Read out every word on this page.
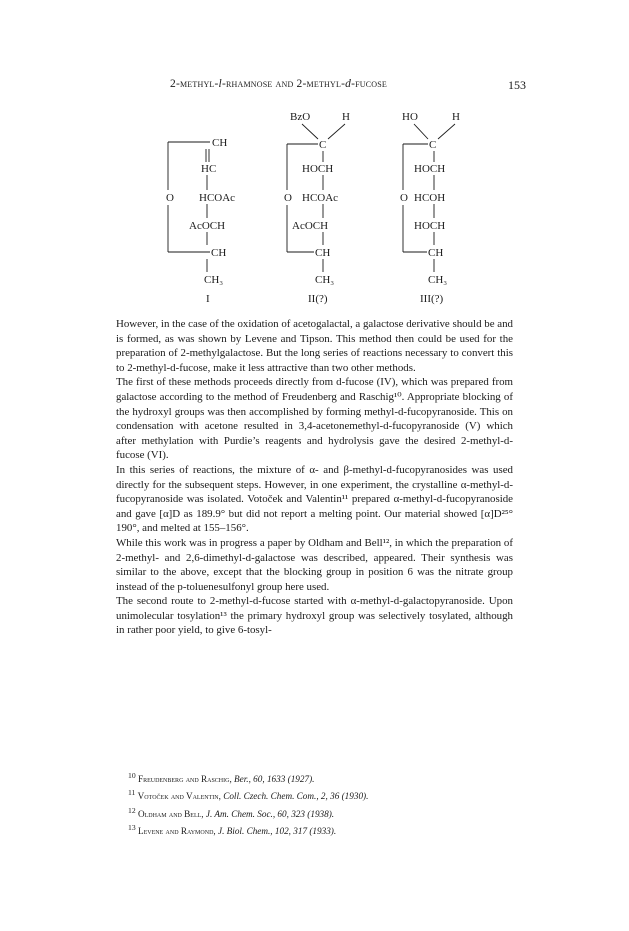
2-methyl-l-rhamnose and 2-methyl-d-fucose	153
CH
HC
HCOAc
AcOCH
CH
CH₃
O
I
BzO	H
C
HOCH
HCOAc
AcOCH
CH
CH₃
O
II(?)
HO	H
C
HOCH
HCOH
HOCH
CH
CH₃
O
III(?)

However, in the case of the oxidation of acetogalactal, a galactose derivative should be and is formed, as was shown by Levene and Tipson. This method then could be used for the preparation of 2-methylgalactose. But the long series of reactions necessary to convert this to 2-methyl-d-fucose, make it less attractive than two other methods.

The first of these methods proceeds directly from d-fucose (IV), which was prepared from galactose according to the method of Freudenberg and Raschig¹⁰. Appropriate blocking of the hydroxyl groups was then accomplished by forming methyl-d-fucopyranoside. This on condensation with acetone resulted in 3,4-acetonemethyl-d-fucopyranoside (V) which after methylation with Purdie’s reagents and hydrolysis gave the desired 2-methyl-d-fucose (VI).

In this series of reactions, the mixture of α- and β-methyl-d-fucopyranosides was used directly for the subsequent steps. However, in one experiment, the crystalline α-methyl-d-fucopyranoside was isolated. Votoček and Valentin¹¹ prepared α-methyl-d-fucopyranoside and gave [α]D as 189.9° but did not report a melting point. Our material showed [α]D²⁵° 190°, and melted at 155–156°.

While this work was in progress a paper by Oldham and Bell¹², in which the preparation of 2-methyl- and 2,6-dimethyl-d-galactose was described, appeared. Their synthesis was similar to the above, except that the blocking group in position 6 was the nitrate group instead of the p-toluenesulfonyl group here used.

The second route to 2-methyl-d-fucose started with α-methyl-d-galactopyranoside. Upon unimolecular tosylation¹³ the primary hydroxyl group was selectively tosylated, although in rather poor yield, to give 6-tosyl-

$^{10}$ Freudenberg and Raschig, Ber., 60, 1633 (1927).
$^{11}$ Votoček and Valentin, Coll. Czech. Chem. Com., 2, 36 (1930).
$^{12}$ Oldham and Bell, J. Am. Chem. Soc., 60, 323 (1938).
$^{13}$ Levene and Raymond, J. Biol. Chem., 102, 317 (1933).
